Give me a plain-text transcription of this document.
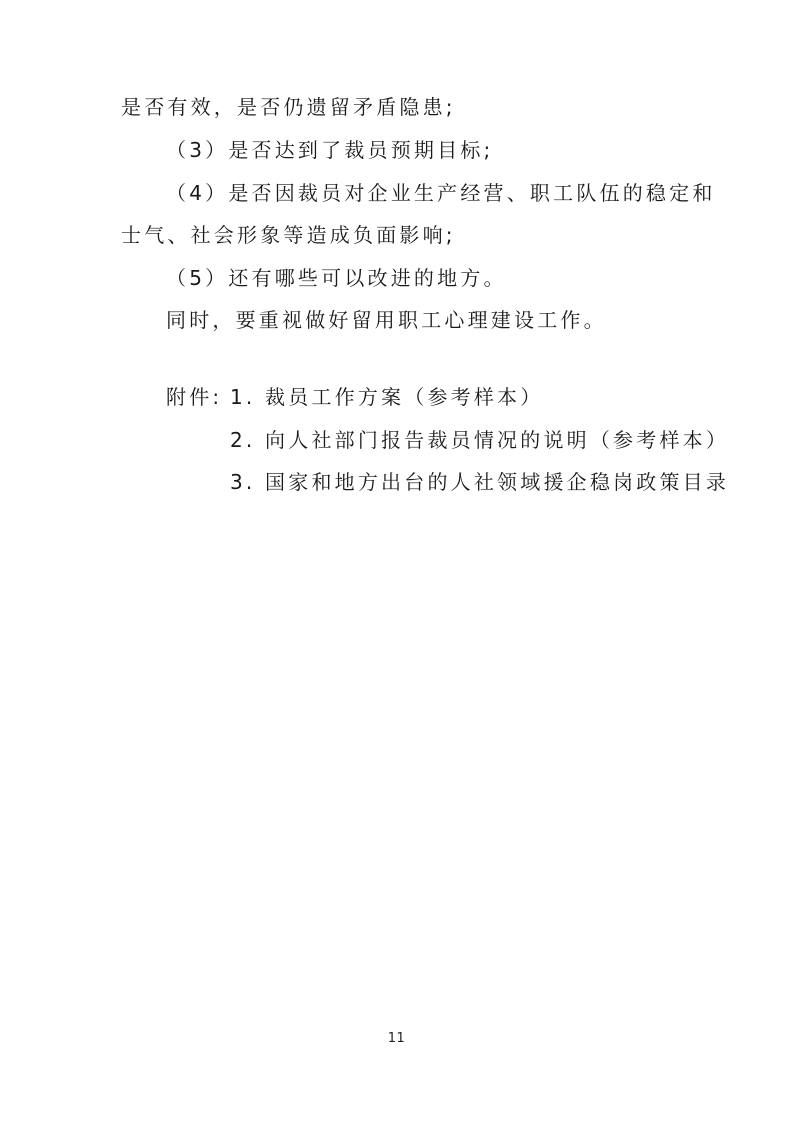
是否有效，是否仍遗留矛盾隐患;

（3）是否达到了裁员预期目标;

（4）是否因裁员对企业生产经营、职工队伍的稳定和

士气、社会形象等造成负面影响;

（5）还有哪些可以改进的地方。

同时，要重视做好留用职工心理建设工作。

附件: 1. 裁员工作方案（参考样本）

2. 向人社部门报告裁员情况的说明（参考样本）

3. 国家和地方出台的人社领域援企稳岗政策目录

11
